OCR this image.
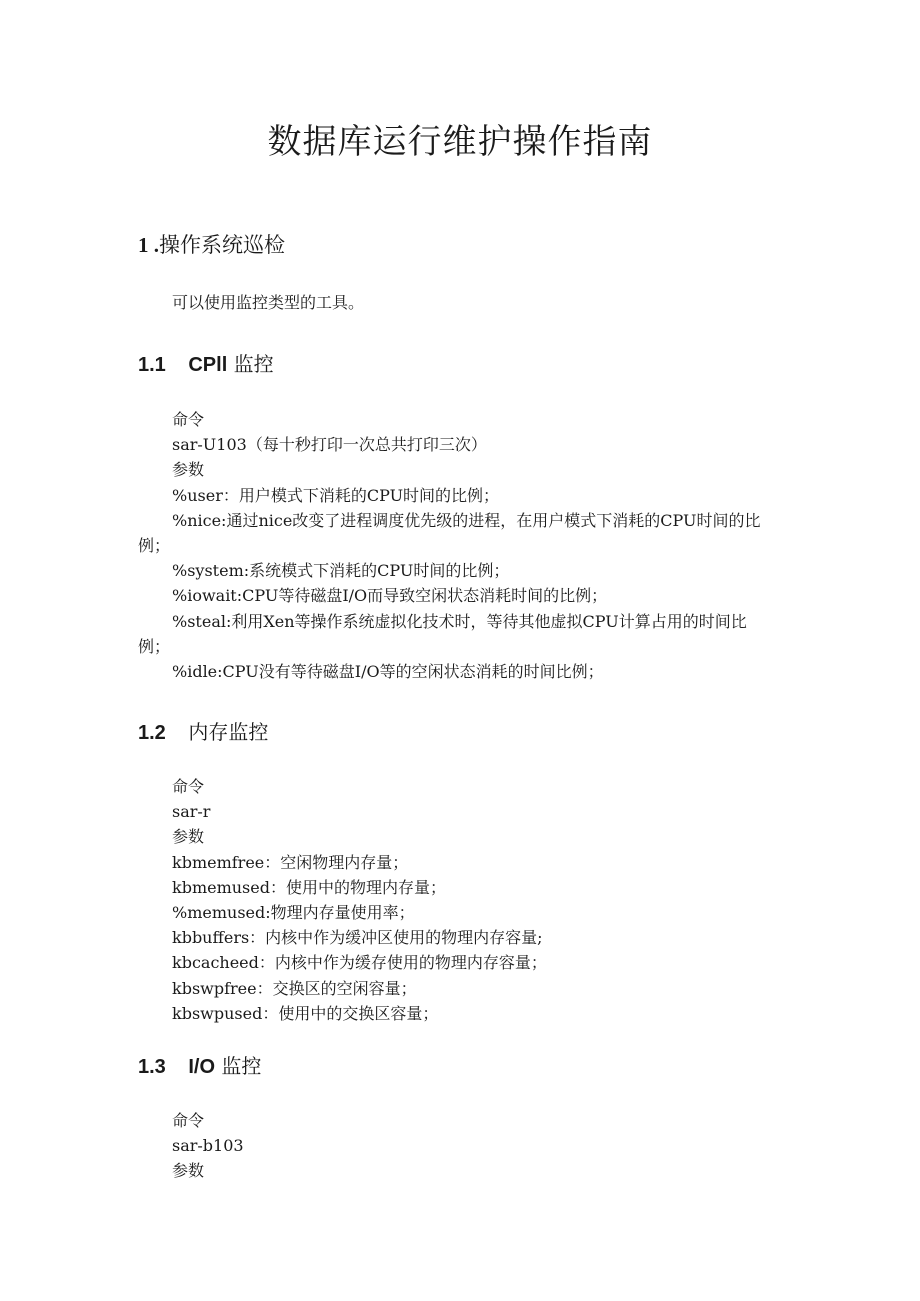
数据库运行维护操作指南
1 .操作系统巡检
可以使用监控类型的工具。
1.1 CPll 监控
命令
sar-U103（每十秒打印一次总共打印三次）
参数
%user：用户模式下消耗的CPU时间的比例；
%nice:通过nice改变了进程调度优先级的进程，在用户模式下消耗的CPU时间的比例；
%system:系统模式下消耗的CPU时间的比例；
%iowait:CPU等待磁盘I/O而导致空闲状态消耗时间的比例；
%steal:利用Xen等操作系统虚拟化技术时，等待其他虚拟CPU计算占用的时间比例；
%idle:CPU没有等待磁盘I/O等的空闲状态消耗的时间比例；
1.2 内存监控
命令
sar-r
参数
kbmemfree：空闲物理内存量；
kbmemused：使用中的物理内存量；
%memused:物理内存量使用率；
kbbuffers：内核中作为缓冲区使用的物理内存容量;
kbcacheed：内核中作为缓存使用的物理内存容量；
kbswpfree：交换区的空闲容量；
kbswpused：使用中的交换区容量；
1.3 I/O 监控
命令
sar-b103
参数
